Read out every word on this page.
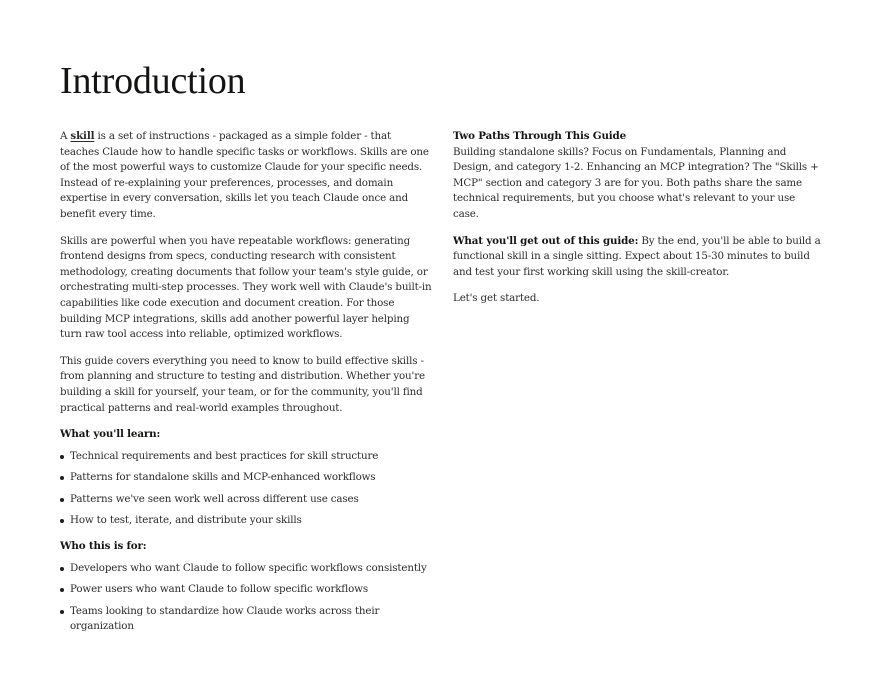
Introduction

A skill is a set of instructions - packaged as a simple folder - that teaches Claude how to handle specific tasks or workflows. Skills are one of the most powerful ways to customize Claude for your specific needs. Instead of re-explaining your preferences, processes, and domain expertise in every conversation, skills let you teach Claude once and benefit every time.

Skills are powerful when you have repeatable workflows: generating frontend designs from specs, conducting research with consistent methodology, creating documents that follow your team's style guide, or orchestrating multi-step processes. They work well with Claude's built-in capabilities like code execution and document creation. For those building MCP integrations, skills add another powerful layer helping turn raw tool access into reliable, optimized workflows.

This guide covers everything you need to know to build effective skills - from planning and structure to testing and distribution. Whether you're building a skill for yourself, your team, or for the community, you'll find practical patterns and real-world examples throughout.

What you'll learn:
Technical requirements and best practices for skill structure
Patterns for standalone skills and MCP-enhanced workflows
Patterns we've seen work well across different use cases
How to test, iterate, and distribute your skills
Who this is for:
Developers who want Claude to follow specific workflows consistently
Power users who want Claude to follow specific workflows
Teams looking to standardize how Claude works across their organization

Two Paths Through This Guide
Building standalone skills? Focus on Fundamentals, Planning and Design, and category 1-2. Enhancing an MCP integration? The "Skills + MCP" section and category 3 are for you. Both paths share the same technical requirements, but you choose what's relevant to your use case.

What you'll get out of this guide: By the end, you'll be able to build a functional skill in a single sitting. Expect about 15-30 minutes to build and test your first working skill using the skill-creator.

Let's get started.
